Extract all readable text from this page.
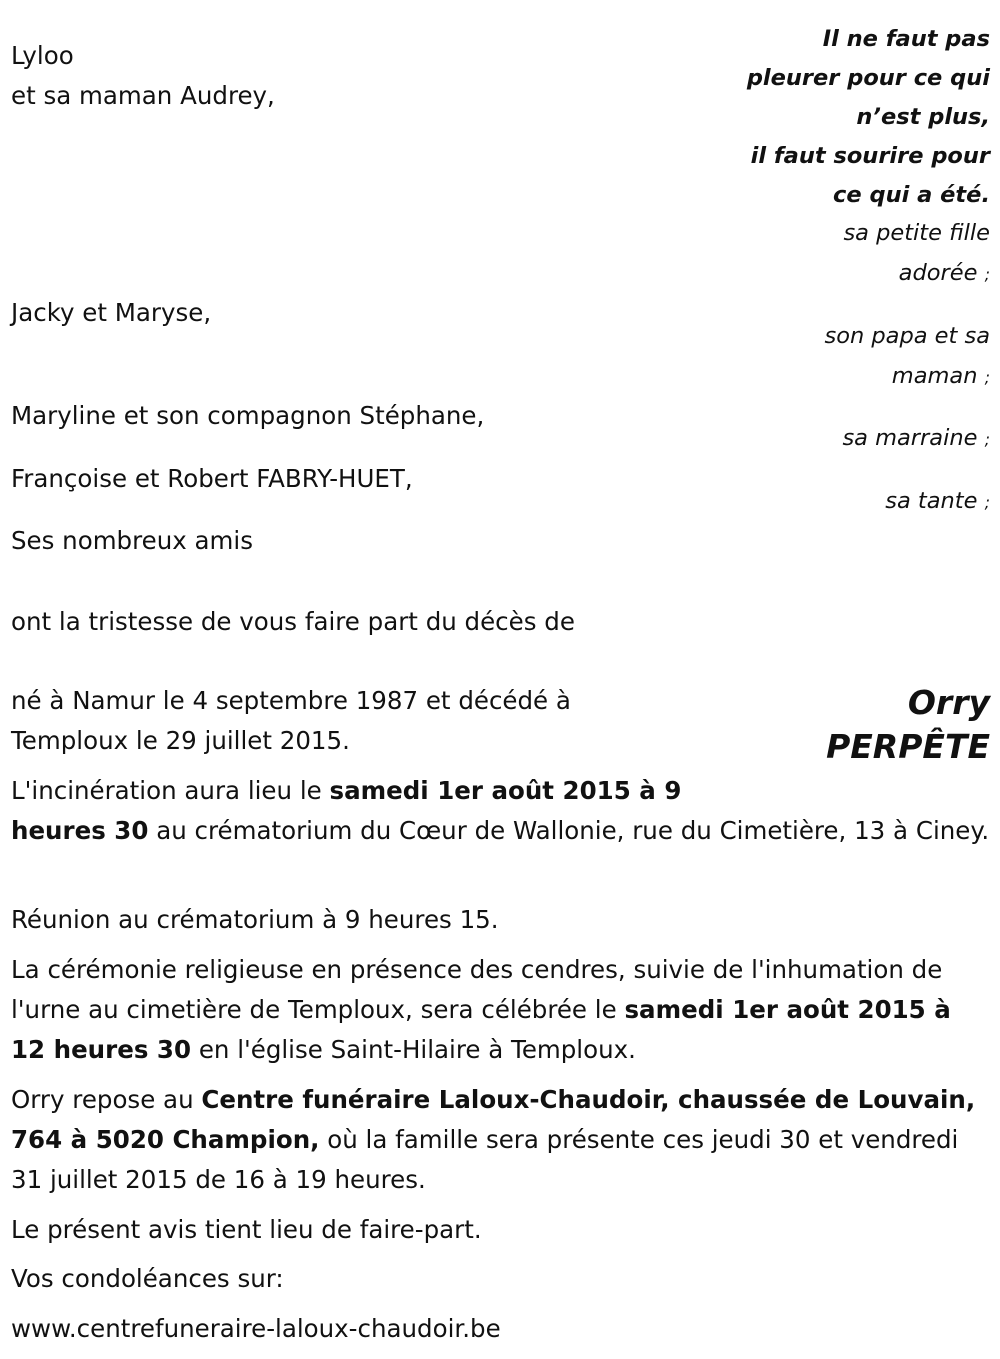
Lyloo
et sa maman Audrey,
Il ne faut pas
pleurer pour ce qui
n’est plus,
il faut sourire pour
ce qui a été.
sa petite fille
adorée ;
Jacky et Maryse,
son papa et sa
maman ;
Maryline et son compagnon Stéphane,
sa marraine ;
Françoise et Robert FABRY-HUET,
sa tante ;
Ses nombreux amis
ont la tristesse de vous faire part du décès de
né à Namur le 4 septembre 1987 et décédé à
Temploux le 29 juillet 2015.
Orry
PERPÊTE

L'incinération aura lieu le samedi 1er août 2015 à 9
heures 30 au crématorium du Cœur de Wallonie, rue du Cimetière, 13 à Ciney.

Réunion au crématorium à 9 heures 15.

La cérémonie religieuse en présence des cendres, suivie de l'inhumation de l'urne au cimetière de Temploux, sera célébrée le samedi 1er août 2015 à 12 heures 30 en l'église Saint-Hilaire à Temploux.

Orry repose au Centre funéraire Laloux-Chaudoir, chaussée de Louvain, 764 à 5020 Champion, où la famille sera présente ces jeudi 30 et vendredi 31 juillet 2015 de 16 à 19 heures.

Le présent avis tient lieu de faire-part.
Vos condoléances sur:
www.centrefuneraire-laloux-chaudoir.be
